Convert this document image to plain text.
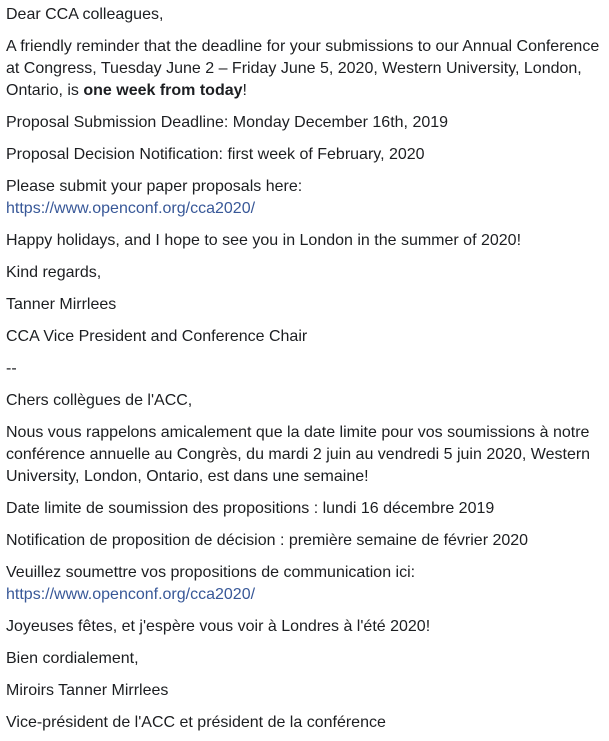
Dear CCA colleagues,

A friendly reminder that the deadline for your submissions to our Annual Conference at Congress, Tuesday June 2 – Friday June 5, 2020, Western University, London, Ontario, is one week from today!

Proposal Submission Deadline: Monday December 16th, 2019

Proposal Decision Notification: first week of February, 2020

Please submit your paper proposals here:
https://www.openconf.org/cca2020/

Happy holidays, and I hope to see you in London in the summer of 2020!

Kind regards,

Tanner Mirrlees

CCA Vice President and Conference Chair

--

Chers collègues de l'ACC,

Nous vous rappelons amicalement que la date limite pour vos soumissions à notre conférence annuelle au Congrès, du mardi 2 juin au vendredi 5 juin 2020, Western University, London, Ontario, est dans une semaine!

Date limite de soumission des propositions : lundi 16 décembre 2019

Notification de proposition de décision : première semaine de février 2020

Veuillez soumettre vos propositions de communication ici:
https://www.openconf.org/cca2020/

Joyeuses fêtes, et j'espère vous voir à Londres à l'été 2020!

Bien cordialement,

Miroirs Tanner Mirrlees

Vice-président de l'ACC et président de la conférence
